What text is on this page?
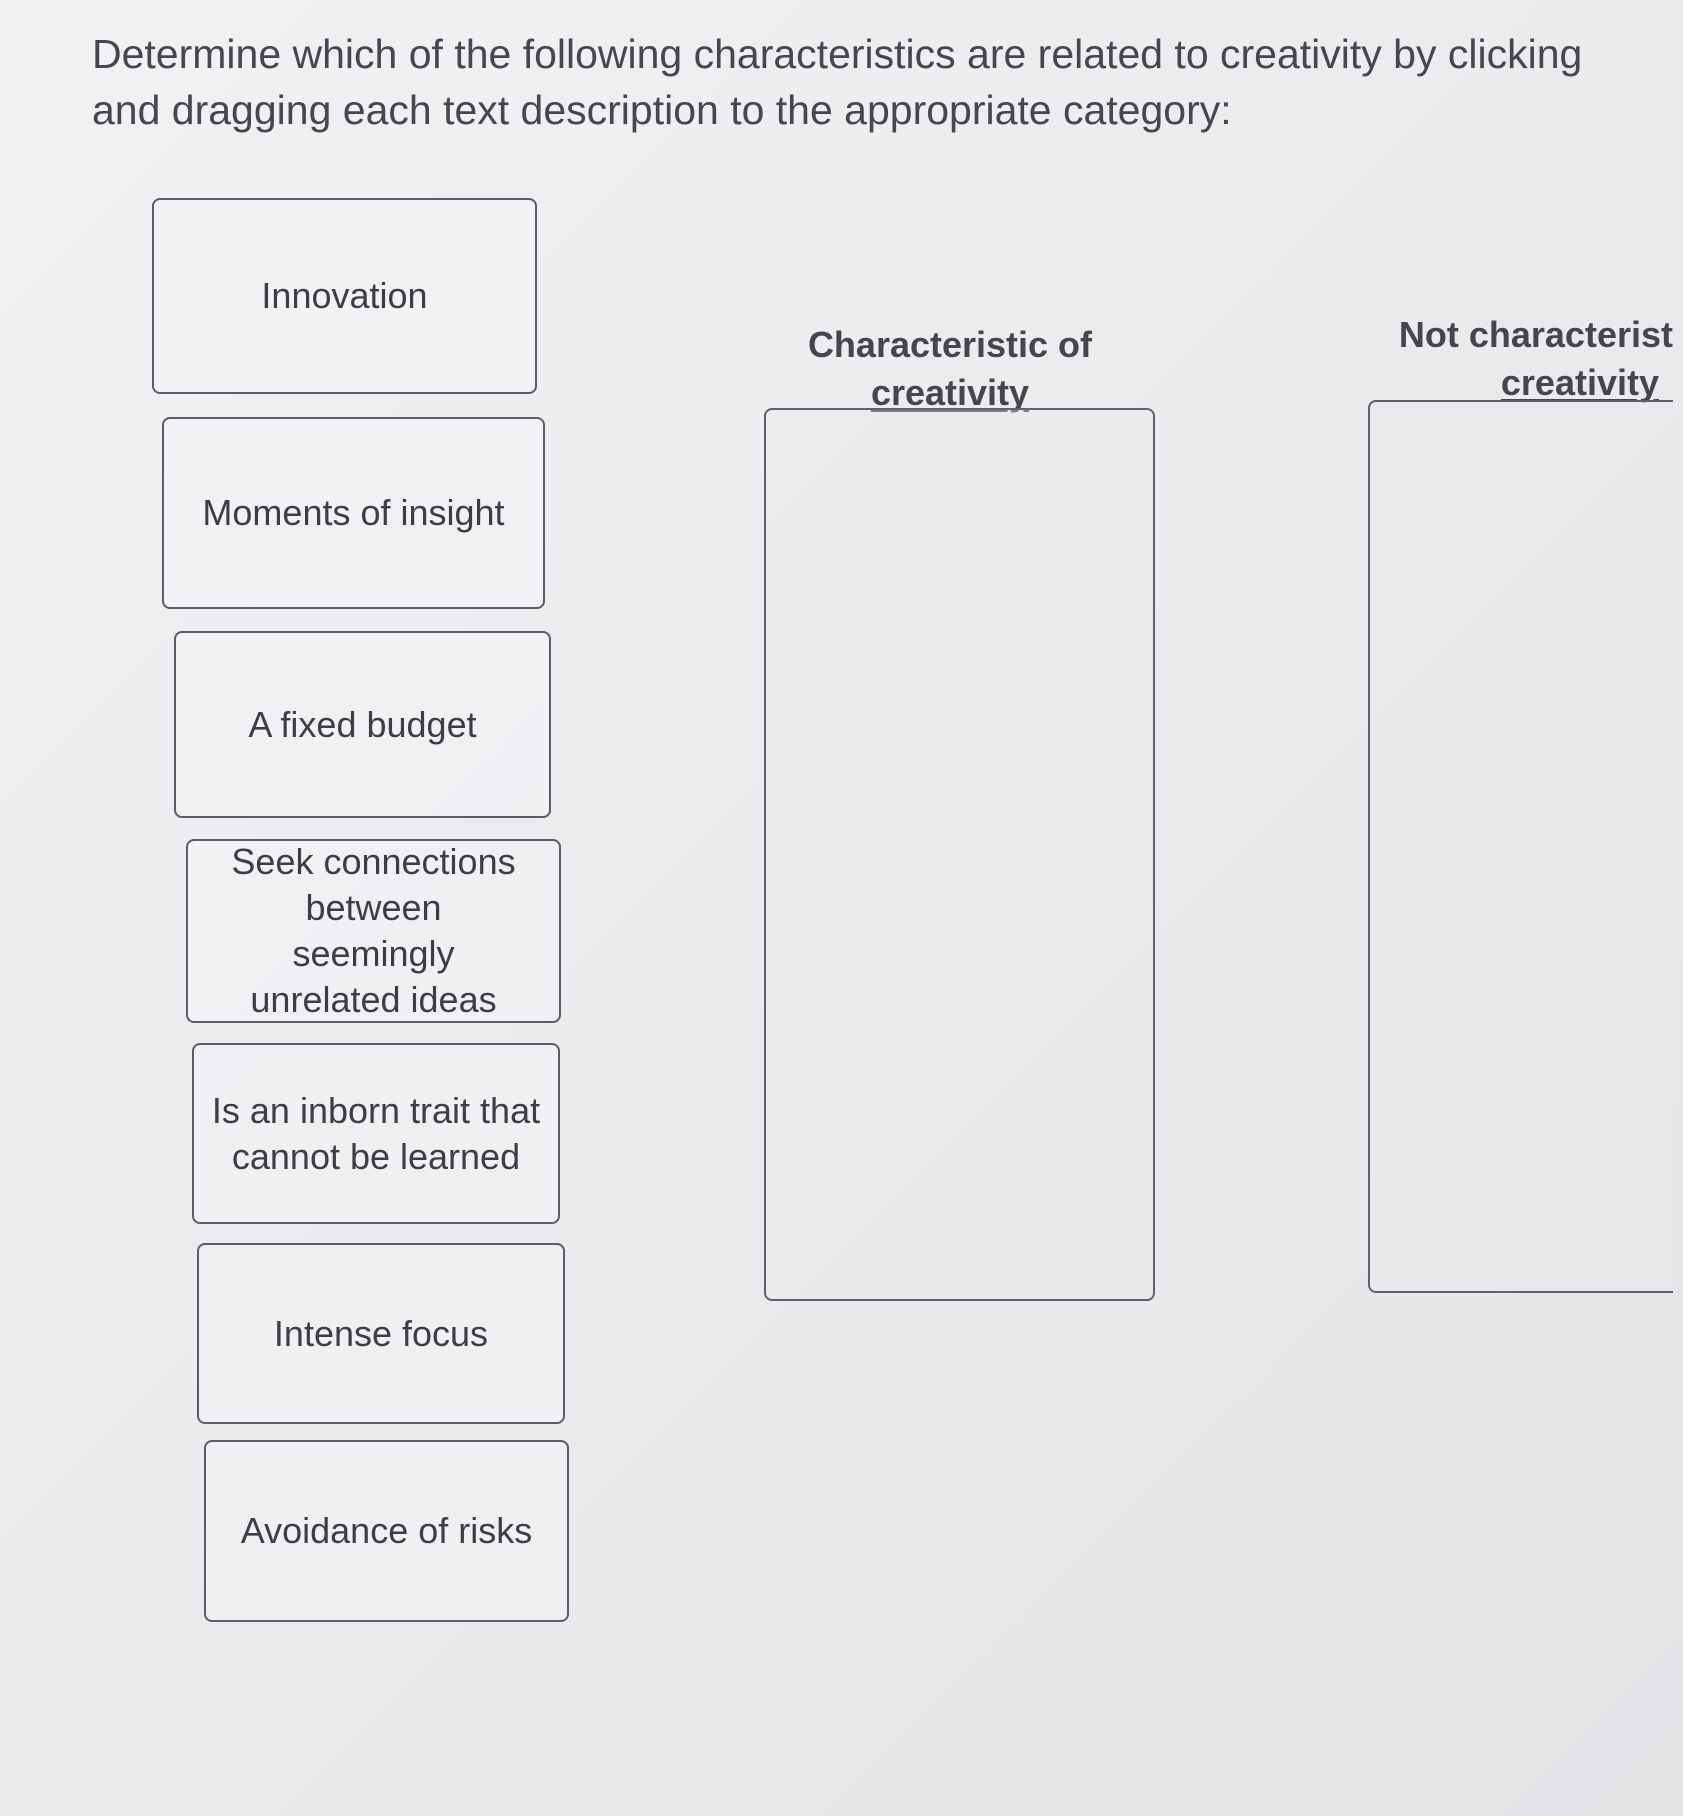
Determine which of the following characteristics are related to creativity by clicking and dragging each text description to the appropriate category:

Innovation
Moments of insight
A fixed budget
Seek connections between seemingly unrelated ideas
Is an inborn trait that cannot be learned
Intense focus
Avoidance of risks
Characteristic of
creativity
Not characterist
creativity
